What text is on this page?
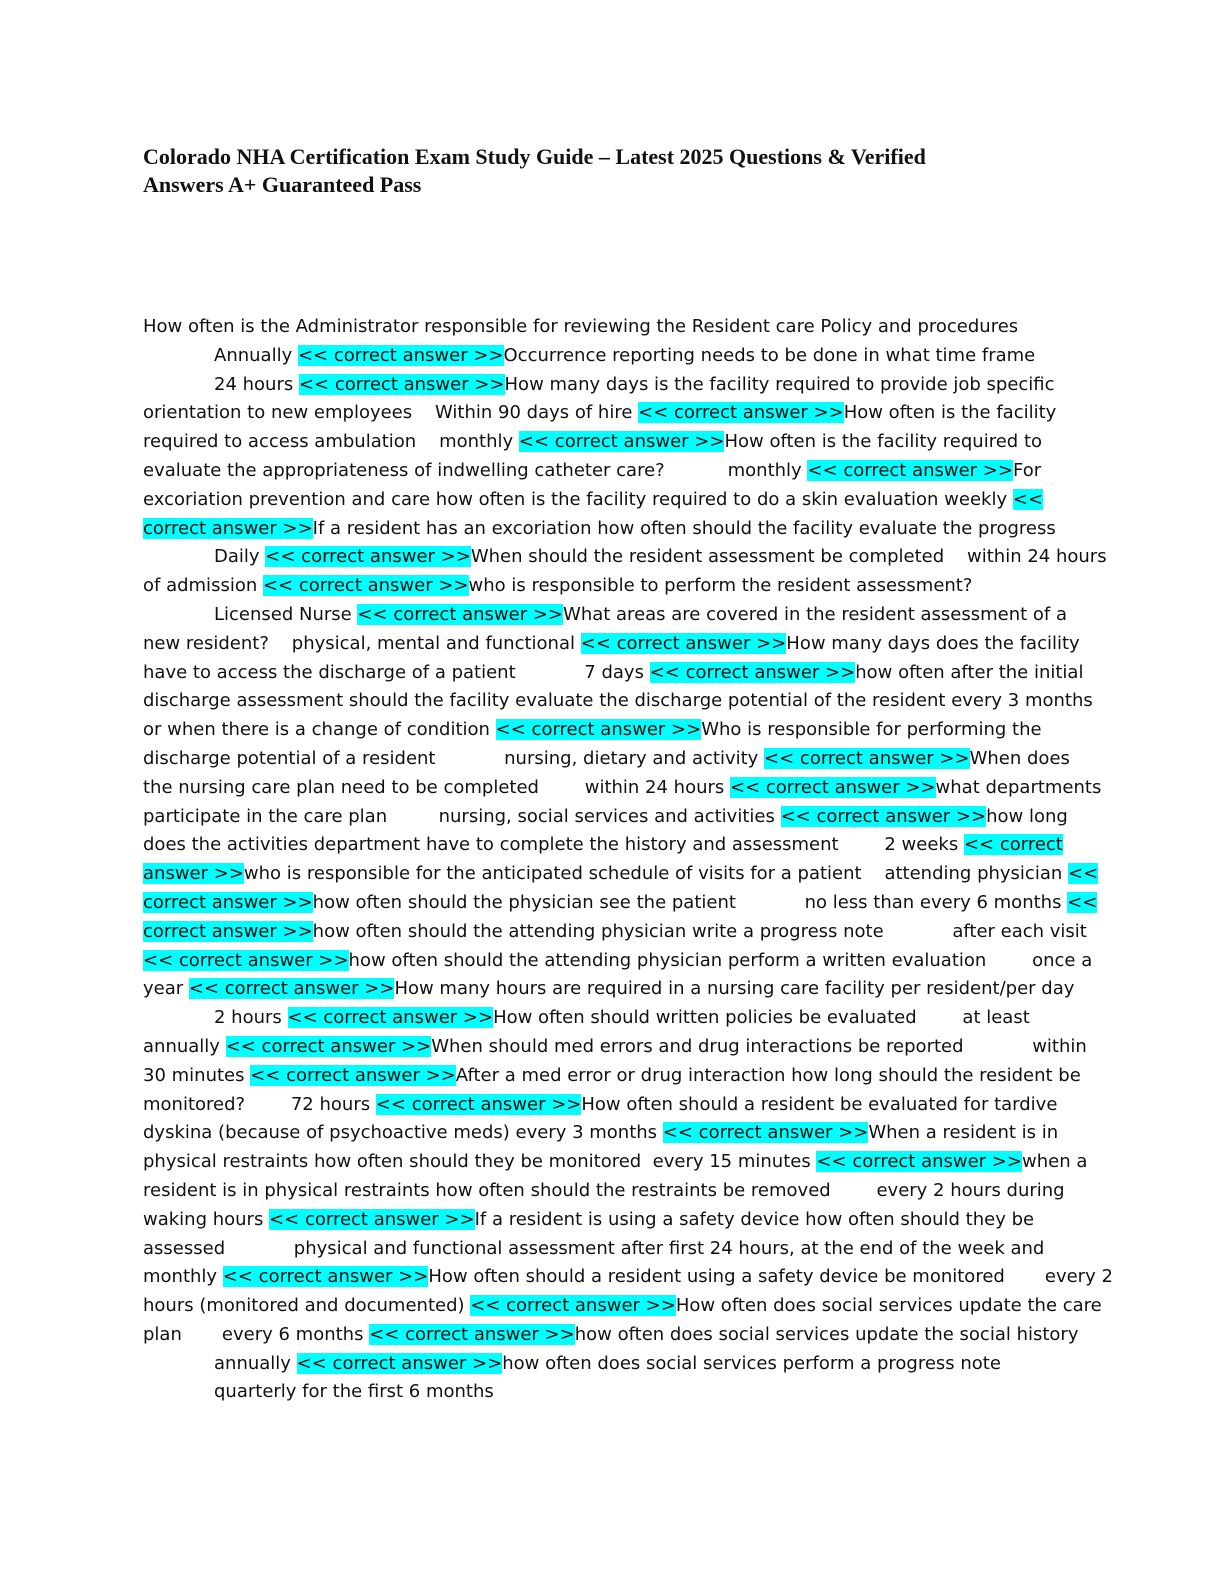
Colorado NHA Certification Exam Study Guide – Latest 2025 Questions & Verified
Answers A+ Guaranteed Pass
How often is the Administrator responsible for reviewing the Resident care Policy and procedures
Annually << correct answer >>Occurrence reporting needs to be done in what time frame
24 hours << correct answer >>How many days is the facility required to provide job specific
orientation to new employees    Within 90 days of hire << correct answer >>How often is the facility
required to access ambulation    monthly << correct answer >>How often is the facility required to
evaluate the appropriateness of indwelling catheter care?           monthly << correct answer >>For
excoriation prevention and care how often is the facility required to do a skin evaluation weekly <<
correct answer >>If a resident has an excoriation how often should the facility evaluate the progress
Daily << correct answer >>When should the resident assessment be completed    within 24 hours
of admission << correct answer >>who is responsible to perform the resident assessment?
Licensed Nurse << correct answer >>What areas are covered in the resident assessment of a
new resident?    physical, mental and functional << correct answer >>How many days does the facility
have to access the discharge of a patient            7 days << correct answer >>how often after the initial
discharge assessment should the facility evaluate the discharge potential of the resident every 3 months
or when there is a change of condition << correct answer >>Who is responsible for performing the
discharge potential of a resident            nursing, dietary and activity << correct answer >>When does
the nursing care plan need to be completed        within 24 hours << correct answer >>what departments
participate in the care plan         nursing, social services and activities << correct answer >>how long
does the activities department have to complete the history and assessment        2 weeks << correct
answer >>who is responsible for the anticipated schedule of visits for a patient    attending physician <<
correct answer >>how often should the physician see the patient            no less than every 6 months <<
correct answer >>how often should the attending physician write a progress note            after each visit
<< correct answer >>how often should the attending physician perform a written evaluation        once a
year << correct answer >>How many hours are required in a nursing care facility per resident/per day
2 hours << correct answer >>How often should written policies be evaluated        at least
annually << correct answer >>When should med errors and drug interactions be reported            within
30 minutes << correct answer >>After a med error or drug interaction how long should the resident be
monitored?        72 hours << correct answer >>How often should a resident be evaluated for tardive
dyskina (because of psychoactive meds) every 3 months << correct answer >>When a resident is in
physical restraints how often should they be monitored  every 15 minutes << correct answer >>when a
resident is in physical restraints how often should the restraints be removed        every 2 hours during
waking hours << correct answer >>If a resident is using a safety device how often should they be
assessed            physical and functional assessment after first 24 hours, at the end of the week and
monthly << correct answer >>How often should a resident using a safety device be monitored       every 2
hours (monitored and documented) << correct answer >>How often does social services update the care
plan       every 6 months << correct answer >>how often does social services update the social history
annually << correct answer >>how often does social services perform a progress note
quarterly for the first 6 months
